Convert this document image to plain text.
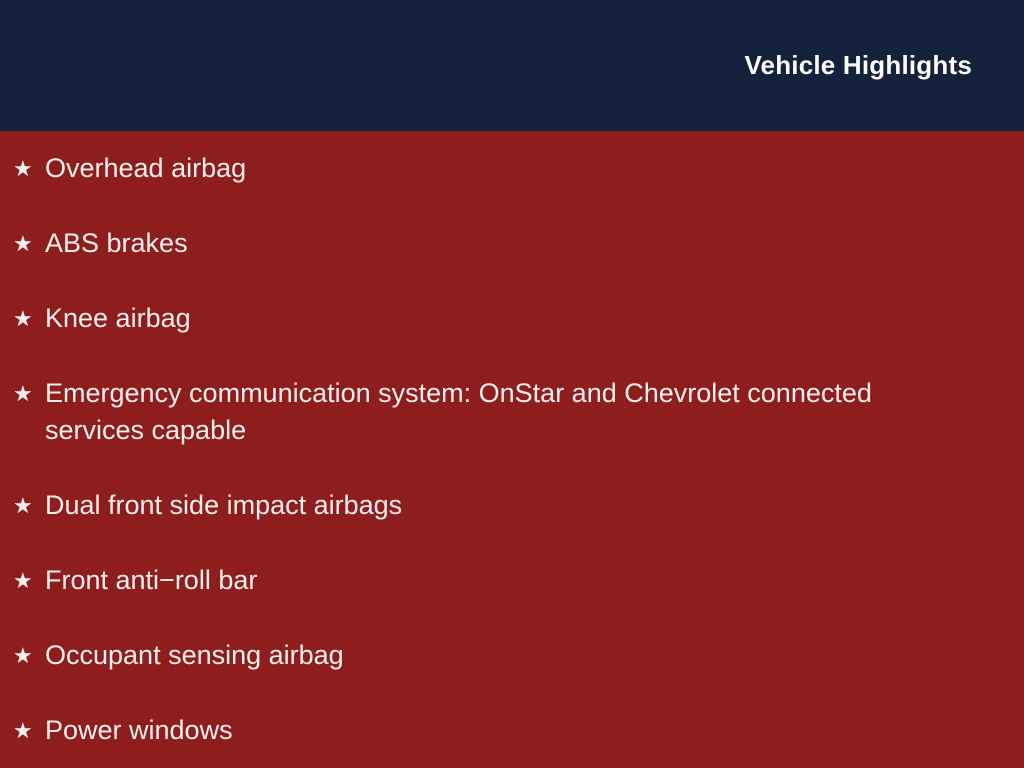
Vehicle Highlights
★ Overhead airbag
★ ABS brakes
★ Knee airbag
★ Emergency communication system: OnStar and Chevrolet connected services capable
★ Dual front side impact airbags
★ Front anti−roll bar
★ Occupant sensing airbag
★ Power windows
